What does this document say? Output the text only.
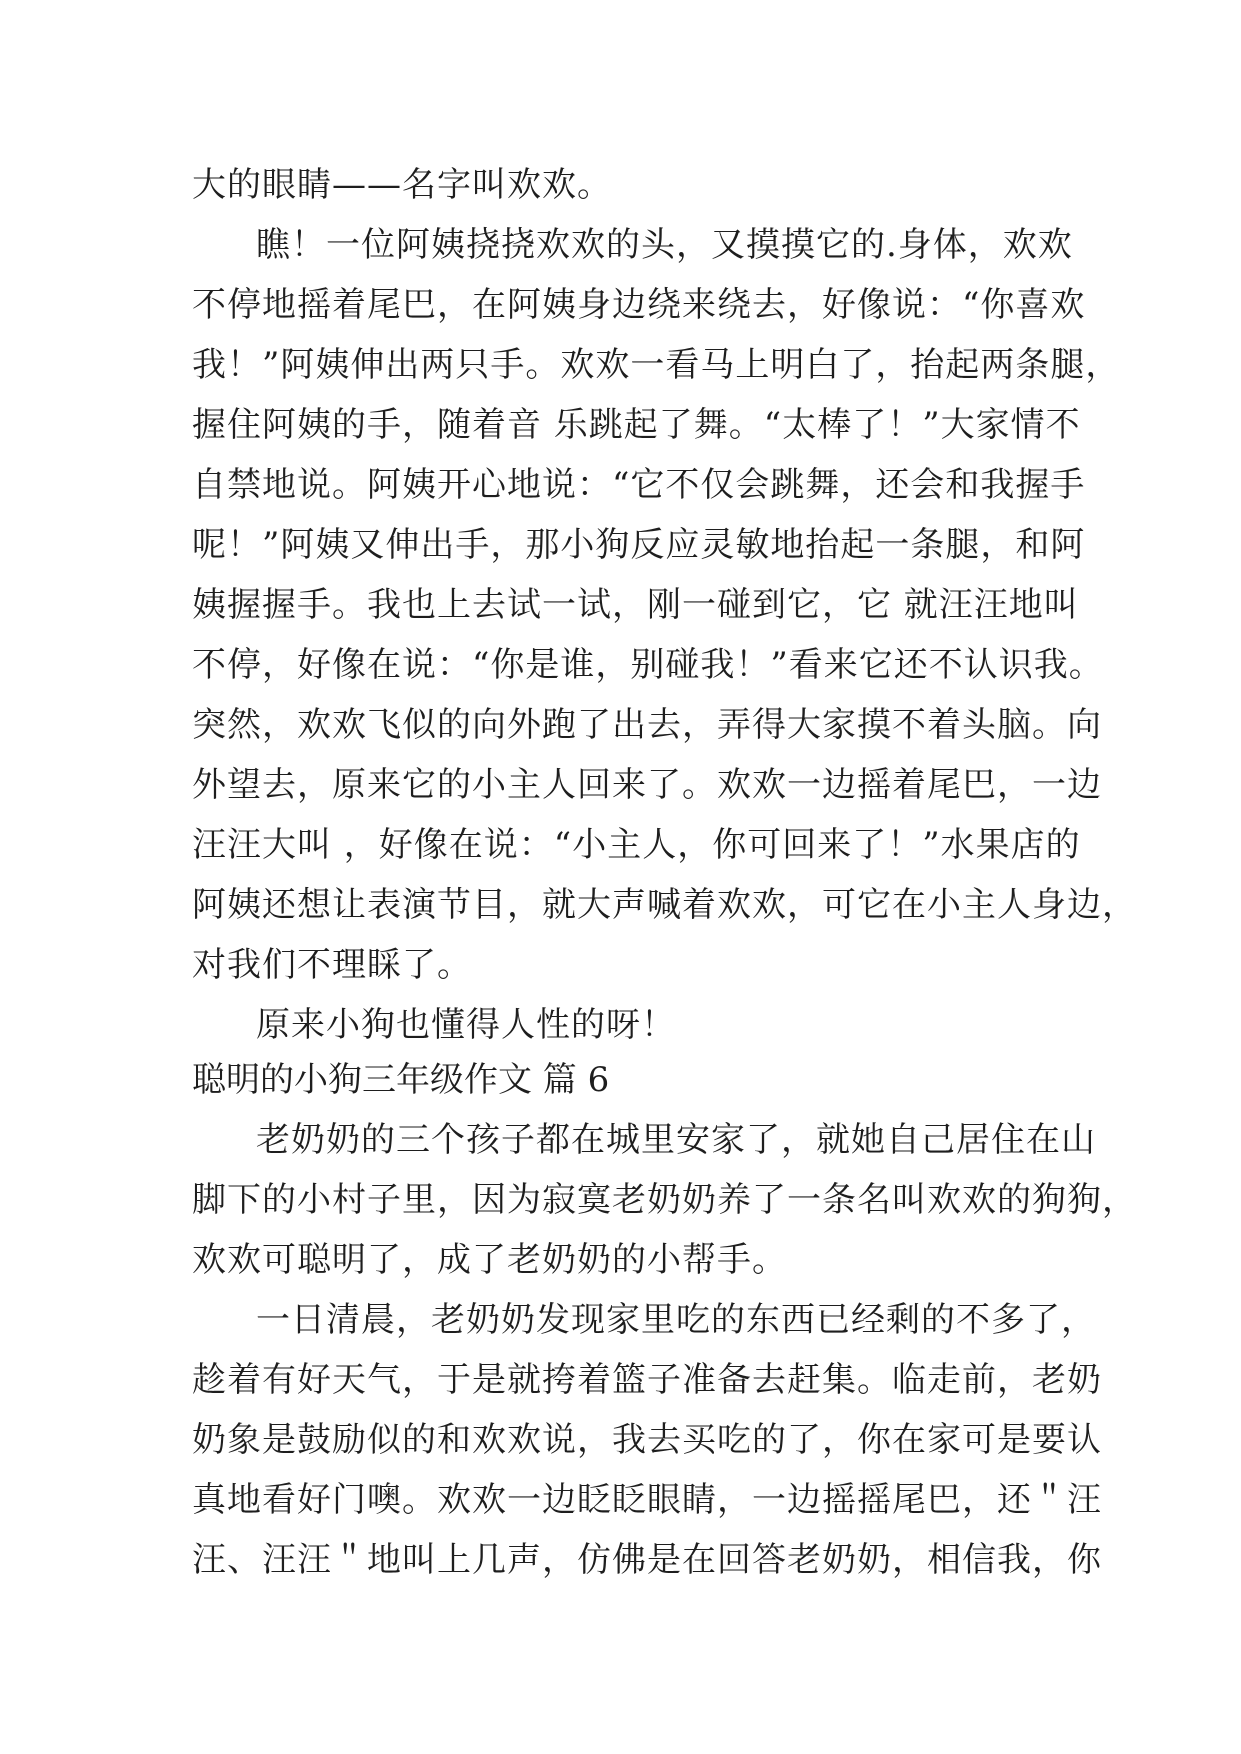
大的眼睛——名字叫欢欢。
瞧！一位阿姨挠挠欢欢的头，又摸摸它的.身体，欢欢
不停地摇着尾巴，在阿姨身边绕来绕去，好像说：“你喜欢
我！”阿姨伸出两只手。欢欢一看马上明白了，抬起两条腿，
握住阿姨的手，随着音 乐跳起了舞。“太棒了！”大家情不
自禁地说。阿姨开心地说：“它不仅会跳舞，还会和我握手
呢！”阿姨又伸出手，那小狗反应灵敏地抬起一条腿，和阿
姨握握手。我也上去试一试，刚一碰到它，它 就汪汪地叫
不停，好像在说：“你是谁，别碰我！”看来它还不认识我。
突然，欢欢飞似的向外跑了出去，弄得大家摸不着头脑。向
外望去，原来它的小主人回来了。欢欢一边摇着尾巴，一边
汪汪大叫 ，好像在说：“小主人，你可回来了！”水果店的
阿姨还想让表演节目，就大声喊着欢欢，可它在小主人身边，
对我们不理睬了。
原来小狗也懂得人性的呀！
聪明的小狗三年级作文 篇 6
老奶奶的三个孩子都在城里安家了，就她自己居住在山
脚下的小村子里，因为寂寞老奶奶养了一条名叫欢欢的狗狗，
欢欢可聪明了，成了老奶奶的小帮手。
一日清晨，老奶奶发现家里吃的东西已经剩的不多了，
趁着有好天气，于是就挎着篮子准备去赶集。临走前，老奶
奶象是鼓励似的和欢欢说，我去买吃的了，你在家可是要认
真地看好门噢。欢欢一边眨眨眼睛，一边摇摇尾巴，还＂汪
汪、汪汪＂地叫上几声，仿佛是在回答老奶奶，相信我，你
